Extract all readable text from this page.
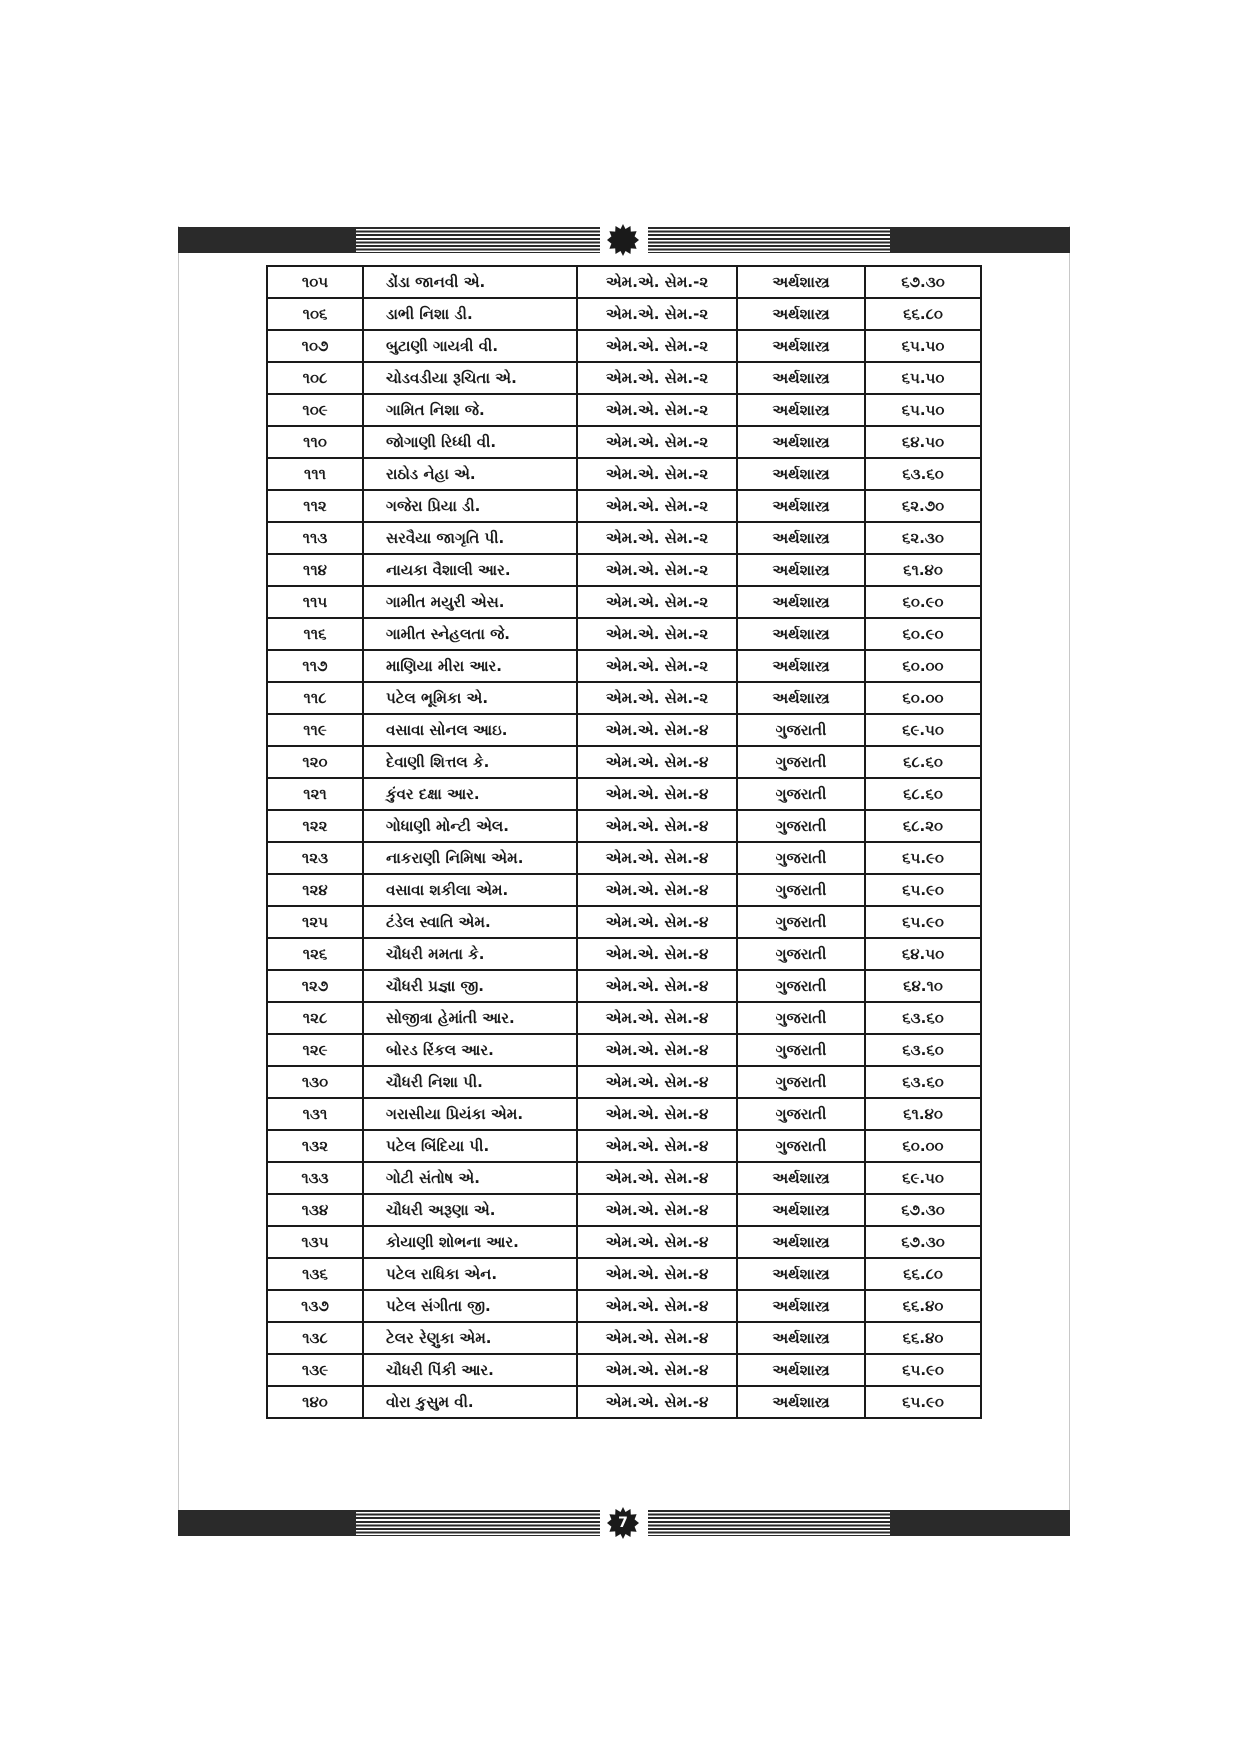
૧૦૫	ડોંડા જાનવી એ.	એમ.એ. સેમ.-૨	અર્થશાસ્ત્ર	૬૭.૩૦
૧૦૬	ડાભી નિશા ડી.	એમ.એ. સેમ.-૨	અર્થશાસ્ત્ર	૬૬.૮૦
૧૦૭	બુટાણી ગાયત્રી વી.	એમ.એ. સેમ.-૨	અર્થશાસ્ત્ર	૬૫.૫૦
૧૦૮	ચોડવડીયા રૂચિતા એ.	એમ.એ. સેમ.-૨	અર્થશાસ્ત્ર	૬૫.૫૦
૧૦૯	ગામિત નિશા જે.	એમ.એ. સેમ.-૨	અર્થશાસ્ત્ર	૬૫.૫૦
૧૧૦	જોગાણી રિધ્ધી વી.	એમ.એ. સેમ.-૨	અર્થશાસ્ત્ર	૬૪.૫૦
૧૧૧	રાઠોડ નેહા એ.	એમ.એ. સેમ.-૨	અર્થશાસ્ત્ર	૬૩.૬૦
૧૧૨	ગજેરા પ્રિયા ડી.	એમ.એ. સેમ.-૨	અર્થશાસ્ત્ર	૬૨.૭૦
૧૧૩	સરવૈયા જાગૃતિ પી.	એમ.એ. સેમ.-૨	અર્થશાસ્ત્ર	૬૨.૩૦
૧૧૪	નાયકા વૈશાલી આર.	એમ.એ. સેમ.-૨	અર્થશાસ્ત્ર	૬૧.૪૦
૧૧૫	ગામીત મયુરી એસ.	એમ.એ. સેમ.-૨	અર્થશાસ્ત્ર	૬૦.૯૦
૧૧૬	ગામીત સ્નેહલતા જે.	એમ.એ. સેમ.-૨	અર્થશાસ્ત્ર	૬૦.૯૦
૧૧૭	માણિયા મીરા આર.	એમ.એ. સેમ.-૨	અર્થશાસ્ત્ર	૬૦.૦૦
૧૧૮	પટેલ ભૂમિકા એ.	એમ.એ. સેમ.-૨	અર્થશાસ્ત્ર	૬૦.૦૦
૧૧૯	વસાવા સોનલ આઇ.	એમ.એ. સેમ.-૪	ગુજરાતી	૬૯.૫૦
૧૨૦	દેવાણી શિત્તલ કે.	એમ.એ. સેમ.-૪	ગુજરાતી	૬૮.૬૦
૧૨૧	કુંવર દક્ષા આર.	એમ.એ. સેમ.-૪	ગુજરાતી	૬૮.૬૦
૧૨૨	ગોધાણી મોન્ટી એલ.	એમ.એ. સેમ.-૪	ગુજરાતી	૬૮.૨૦
૧૨૩	નાકરાણી નિમિષા એમ.	એમ.એ. સેમ.-૪	ગુજરાતી	૬૫.૯૦
૧૨૪	વસાવા શકીલા એમ.	એમ.એ. સેમ.-૪	ગુજરાતી	૬૫.૯૦
૧૨૫	ટંડેલ સ્વાતિ એમ.	એમ.એ. સેમ.-૪	ગુજરાતી	૬૫.૯૦
૧૨૬	ચૌધરી મમતા કે.	એમ.એ. સેમ.-૪	ગુજરાતી	૬૪.૫૦
૧૨૭	ચૌધરી પ્રજ્ઞા જી.	એમ.એ. સેમ.-૪	ગુજરાતી	૬૪.૧૦
૧૨૮	સોજીત્રા હેમાંતી આર.	એમ.એ. સેમ.-૪	ગુજરાતી	૬૩.૬૦
૧૨૯	બોરડ રિંકલ આર.	એમ.એ. સેમ.-૪	ગુજરાતી	૬૩.૬૦
૧૩૦	ચૌધરી નિશા પી.	એમ.એ. સેમ.-૪	ગુજરાતી	૬૩.૬૦
૧૩૧	ગરાસીયા પ્રિયંકા એમ.	એમ.એ. સેમ.-૪	ગુજરાતી	૬૧.૪૦
૧૩૨	પટેલ બિંદિયા પી.	એમ.એ. સેમ.-૪	ગુજરાતી	૬૦.૦૦
૧૩૩	ગોટી સંતોષ એ.	એમ.એ. સેમ.-૪	અર્થશાસ્ત્ર	૬૯.૫૦
૧૩૪	ચૌધરી અરૂણા એ.	એમ.એ. સેમ.-૪	અર્થશાસ્ત્ર	૬૭.૩૦
૧૩૫	કોયાણી શોભના આર.	એમ.એ. સેમ.-૪	અર્થશાસ્ત્ર	૬૭.૩૦
૧૩૬	પટેલ રાધિકા એન.	એમ.એ. સેમ.-૪	અર્થશાસ્ત્ર	૬૬.૮૦
૧૩૭	પટેલ સંગીતા જી.	એમ.એ. સેમ.-૪	અર્થશાસ્ત્ર	૬૬.૪૦
૧૩૮	ટેલર રેણુકા એમ.	એમ.એ. સેમ.-૪	અર્થશાસ્ત્ર	૬૬.૪૦
૧૩૯	ચૌધરી પિંકી આર.	એમ.એ. સેમ.-૪	અર્થશાસ્ત્ર	૬૫.૯૦
૧૪૦	વોરા કુસુમ વી.	એમ.એ. સેમ.-૪	અર્થશાસ્ત્ર	૬૫.૯૦
7
